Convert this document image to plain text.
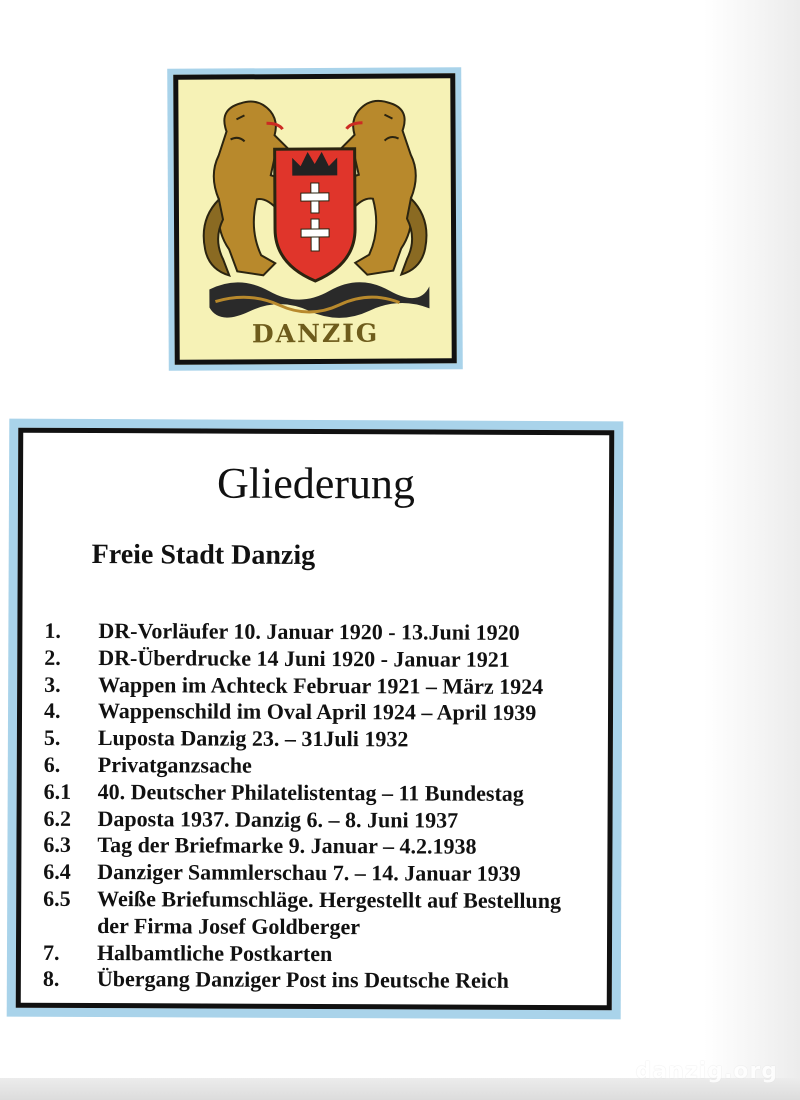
danzig.org
DANZIG
Gliederung
Freie Stadt Danzig
1.	DR-Vorläufer 10. Januar 1920 - 13.Juni 1920
2.	DR-Überdrucke 14 Juni 1920 - Januar 1921
3.	Wappen im Achteck Februar 1921 – März 1924
4.	Wappenschild im Oval April 1924 – April 1939
5.	Luposta Danzig 23. – 31Juli 1932
6.	Privatganzsache
6.1	40. Deutscher Philatelistentag – 11 Bundestag
6.2	Daposta 1937. Danzig 6. – 8. Juni 1937
6.3	Tag der Briefmarke 9. Januar – 4.2.1938
6.4	Danziger Sammlerschau 7. – 14. Januar 1939
6.5	Weiße Briefumschläge. Hergestellt auf Bestellung der Firma Josef Goldberger
7.	Halbamtliche Postkarten
8.	Übergang Danziger Post ins Deutsche Reich
